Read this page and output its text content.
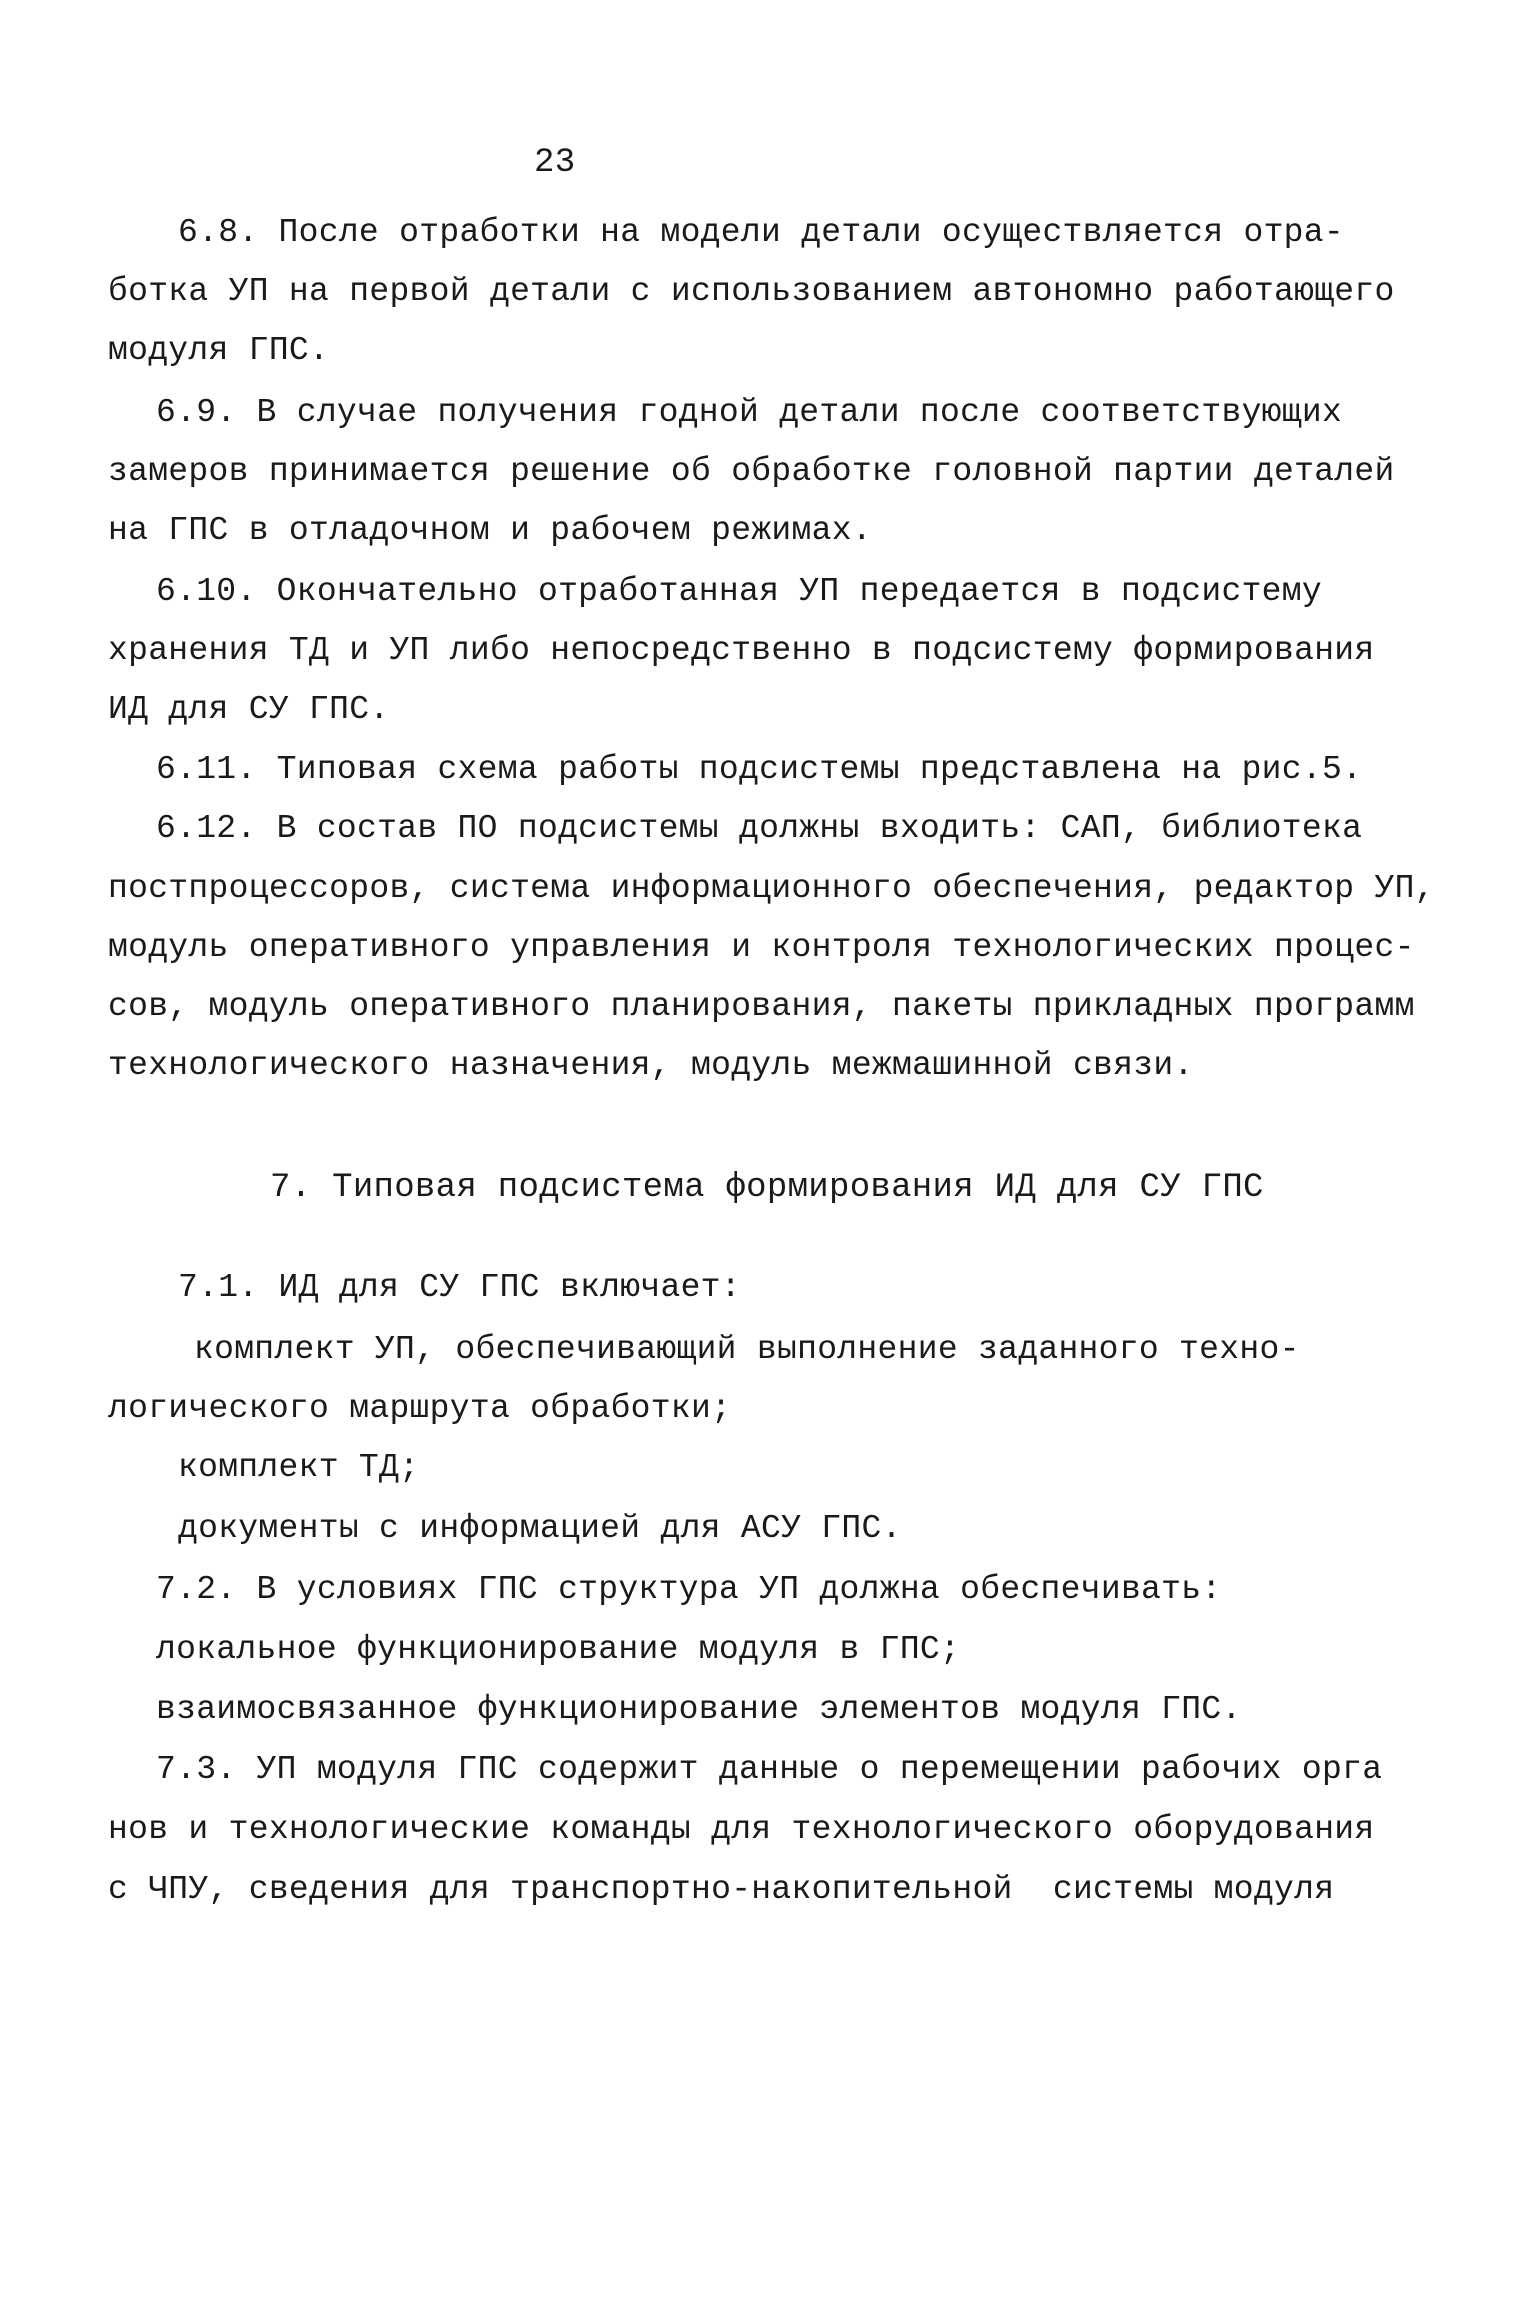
23
6.8. После отработки на модели детали осуществляется отра-
ботка УП на первой детали с использованием автономно работающего
модуля ГПС.
6.9. В случае получения годной детали после соответствующих
замеров принимается решение об обработке головной партии деталей
на ГПС в отладочном и рабочем режимах.
6.10. Окончательно отработанная УП передается в подсистему
хранения ТД и УП либо непосредственно в подсистему формирования
ИД для СУ ГПС.
6.11. Типовая схема работы подсистемы представлена на рис.5.
6.12. В состав ПО подсистемы должны входить: САП, библиотека
постпроцессоров, система информационного обеспечения, редактор УП,
модуль оперативного управления и контроля технологических процес-
сов, модуль оперативного планирования, пакеты прикладных программ
технологического назначения, модуль межмашинной связи.
7. Типовая подсистема формирования ИД для СУ ГПС
7.1. ИД для СУ ГПС включает:
комплект УП, обеспечивающий выполнение заданного техно-
логического маршрута обработки;
комплект ТД;
документы с информацией для АСУ ГПС.
7.2. В условиях ГПС структура УП должна обеспечивать:
локальное функционирование модуля в ГПС;
взаимосвязанное функционирование элементов модуля ГПС.
7.3. УП модуля ГПС содержит данные о перемещении рабочих орга
нов и технологические команды для технологического оборудования
с ЧПУ, сведения для транспортно-накопительной  системы модуля
